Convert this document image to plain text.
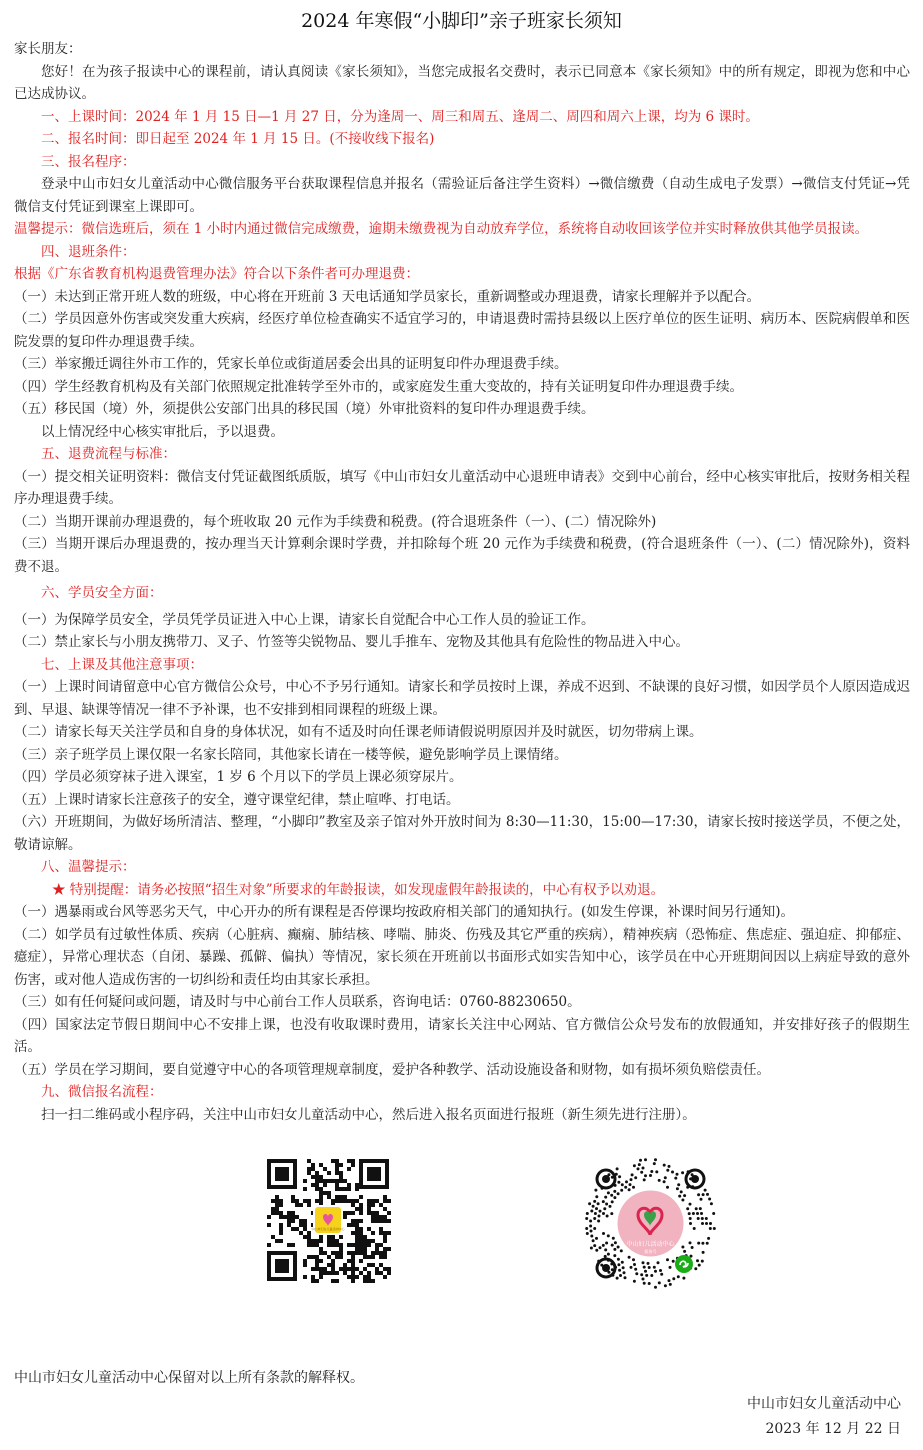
2024 年寒假“小脚印”亲子班家长须知

家长朋友：

您好！在为孩子报读中心的课程前，请认真阅读《家长须知》，当您完成报名交费时，表示已同意本《家长须知》中的所有规定，即视为您和中心已达成协议。

一、上课时间：2024 年 1 月 15 日—1 月 27 日，分为逢周一、周三和周五、逢周二、周四和周六上课，均为 6 课时。

二、报名时间：即日起至 2024 年 1 月 15 日。(不接收线下报名)

三、报名程序：

登录中山市妇女儿童活动中心微信服务平台获取课程信息并报名（需验证后备注学生资料）→微信缴费（自动生成电子发票）→微信支付凭证→凭微信支付凭证到课室上课即可。

温馨提示：微信选班后，须在 1 小时内通过微信完成缴费，逾期未缴费视为自动放弃学位，系统将自动收回该学位并实时释放供其他学员报读。

四、退班条件：

根据《广东省教育机构退费管理办法》符合以下条件者可办理退费：

（一）未达到正常开班人数的班级，中心将在开班前 3 天电话通知学员家长，重新调整或办理退费，请家长理解并予以配合。

（二）学员因意外伤害或突发重大疾病，经医疗单位检查确实不适宜学习的，申请退费时需持县级以上医疗单位的医生证明、病历本、医院病假单和医院发票的复印件办理退费手续。

（三）举家搬迁调往外市工作的，凭家长单位或街道居委会出具的证明复印件办理退费手续。

（四）学生经教育机构及有关部门依照规定批准转学至外市的，或家庭发生重大变故的，持有关证明复印件办理退费手续。

（五）移民国（境）外，须提供公安部门出具的移民国（境）外审批资料的复印件办理退费手续。

以上情况经中心核实审批后，予以退费。

五、退费流程与标准：

（一）提交相关证明资料：微信支付凭证截图纸质版，填写《中山市妇女儿童活动中心退班申请表》交到中心前台，经中心核实审批后，按财务相关程序办理退费手续。

（二）当期开课前办理退费的，每个班收取 20 元作为手续费和税费。(符合退班条件（一）、(二）情况除外)

（三）当期开课后办理退费的，按办理当天计算剩余课时学费，并扣除每个班 20 元作为手续费和税费，(符合退班条件（一）、(二）情况除外)，资料费不退。

六、学员安全方面：

（一）为保障学员安全，学员凭学员证进入中心上课，请家长自觉配合中心工作人员的验证工作。

（二）禁止家长与小朋友携带刀、叉子、竹签等尖锐物品、婴儿手推车、宠物及其他具有危险性的物品进入中心。

七、上课及其他注意事项：

（一）上课时间请留意中心官方微信公众号，中心不予另行通知。请家长和学员按时上课，养成不迟到、不缺课的良好习惯，如因学员个人原因造成迟到、早退、缺课等情况一律不予补课，也不安排到相同课程的班级上课。

（二）请家长每天关注学员和自身的身体状况，如有不适及时向任课老师请假说明原因并及时就医，切勿带病上课。

（三）亲子班学员上课仅限一名家长陪同，其他家长请在一楼等候，避免影响学员上课情绪。

（四）学员必须穿袜子进入课室，1 岁 6 个月以下的学员上课必须穿尿片。

（五）上课时请家长注意孩子的安全，遵守课堂纪律，禁止喧哗、打电话。

（六）开班期间，为做好场所清洁、整理，“小脚印”教室及亲子馆对外开放时间为 8:30—11:30，15:00—17:30，请家长按时接送学员，不便之处，敬请谅解。

八、温馨提示：

★ 特别提醒：请务必按照“招生对象”所要求的年龄报读，如发现虚假年龄报读的，中心有权予以劝退。

（一）遇暴雨或台风等恶劣天气，中心开办的所有课程是否停课均按政府相关部门的通知执行。(如发生停课，补课时间另行通知)。

（二）如学员有过敏性体质、疾病（心脏病、癫痫、肺结核、哮喘、肺炎、伤残及其它严重的疾病），精神疾病（恐怖症、焦虑症、强迫症、抑郁症、癔症），异常心理状态（自闭、暴躁、孤僻、偏执）等情况，家长须在开班前以书面形式如实告知中心，该学员在中心开班期间因以上病症导致的意外伤害，或对他人造成伤害的一切纠纷和责任均由其家长承担。

（三）如有任何疑问或问题，请及时与中心前台工作人员联系，咨询电话：0760-88230650。

（四）国家法定节假日期间中心不安排上课，也没有收取课时费用，请家长关注中心网站、官方微信公众号发布的放假通知，并安排好孩子的假期生活。

（五）学员在学习期间，要自觉遵守中心的各项管理规章制度，爱护各种教学、活动设施设备和财物，如有损坏须负赔偿责任。

九、微信报名流程：

扫一扫二维码或小程序码，关注中山市妇女儿童活动中心，然后进入报名页面进行报班（新生须先进行注册）。

中山市妇女儿童活动中心
中山妇儿活动中心
服务号
中山市妇女儿童活动中心保留对以上所有条款的解释权。
中山市妇女儿童活动中心
2023 年 12 月 22 日
